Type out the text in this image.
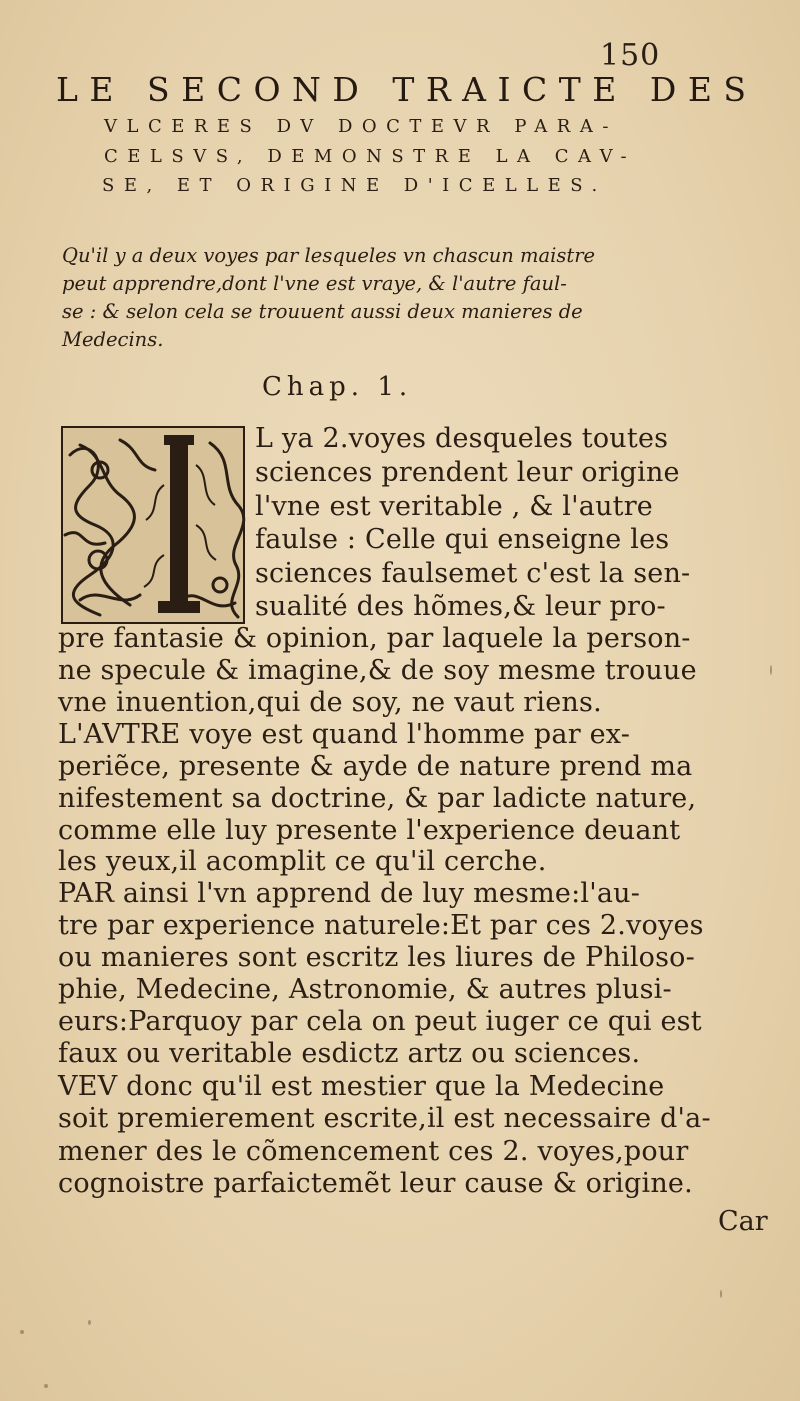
150
LE SECOND TRAICTE DES
VLCERES DV DOCTEVR PARA-
CELSVS, DEMONSTRE LA CAV-
SE, ET ORIGINE D'ICELLES.
Qu'il y a deux voyes par lesqueles vn chascun maistre
peut apprendre,dont l'vne est vraye, & l'autre faul-
se : & selon cela se trouuent aussi deux manieres de
Medecins.
Chap. 1.
L ya 2.voyes desqueles toutes
sciences prendent leur origine
l'vne est veritable , & l'autre
faulse : Celle qui enseigne les
sciences faulsemet c'est la sen-
sualité des hõmes,& leur pro-
pre fantasie & opinion, par laquele la person-
ne specule & imagine,& de soy mesme trouue
vne inuention,qui de soy, ne vaut riens.
L'AVTRE voye est quand l'homme par ex-
periẽce, presente & ayde de nature prend ma
nifestement sa doctrine, & par ladicte nature,
comme elle luy presente l'experience deuant
les yeux,il acomplit ce qu'il cerche.
PAR ainsi l'vn apprend de luy mesme:l'au-
tre par experience naturele:Et par ces 2.voyes
ou manieres sont escritz les liures de Philoso-
phie, Medecine, Astronomie, & autres plusi-
eurs:Parquoy par cela on peut iuger ce qui est
faux ou veritable esdictz artz ou sciences.
VEV donc qu'il est mestier que la Medecine
soit premierement escrite,il est necessaire d'a-
mener des le cõmencement ces 2. voyes,pour
cognoistre parfaictemẽt leur cause & origine.
Car
